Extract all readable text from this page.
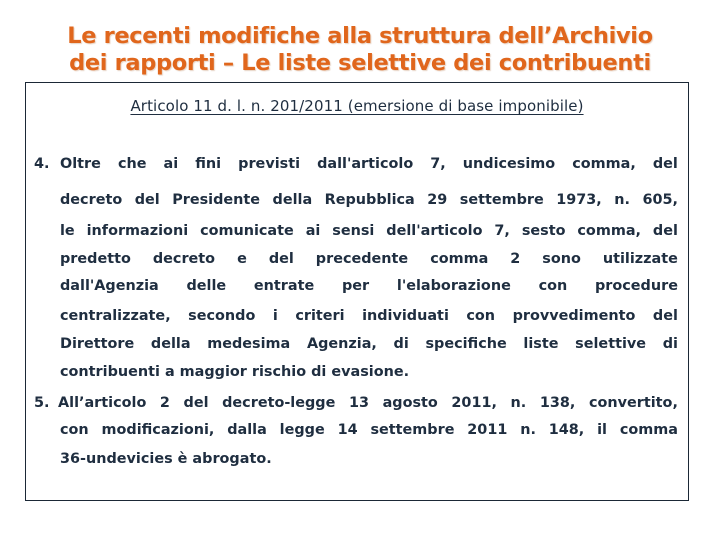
Le recenti modifiche alla struttura dell’Archivio
dei rapporti – Le liste selettive dei contribuenti
Articolo 11 d. l. n. 201/2011 (emersione di base imponibile)
4. Oltre che ai fini previsti dall'articolo 7, undicesimo comma, del
decreto del Presidente della Repubblica 29 settembre 1973, n. 605,
le informazioni comunicate ai sensi dell'articolo 7, sesto comma, del
predetto decreto e del precedente comma 2 sono utilizzate
dall'Agenzia delle entrate per l'elaborazione con procedure
centralizzate, secondo i criteri individuati con provvedimento del
Direttore della medesima Agenzia, di specifiche liste selettive di
contribuenti a maggior rischio di evasione.
5. All’articolo 2 del decreto-legge 13 agosto 2011, n. 138, convertito,
con modificazioni, dalla legge 14 settembre 2011 n. 148, il comma
36-undevicies è abrogato.
